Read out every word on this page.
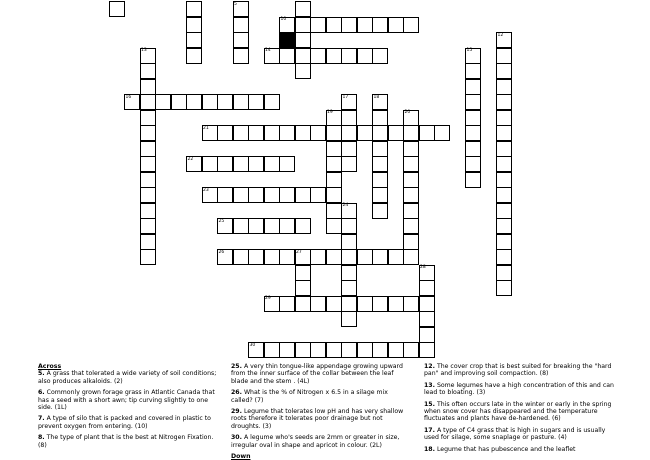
5
10
11	12
13	14	15
16	17	18
19	20
21
22
23
24
25
26	27
28
29
30
Across

5. A grass that tolerated a wide variety of soil conditions; also produces alkaloids. (2)

6. Commonly grown forage grass in Atlantic Canada that has a seed with a short awn; tip curving slightly to one side. (1L)

7. A type of silo that is packed and covered in plastic to prevent oxygen from entering. (10)

8. The type of plant that is the best at Nitrogen Fixation.(8)

25. A very thin tongue-like appendage growing upward from the inner surface of the collar between the leaf blade and the stem . (4L)

26. What is the % of Nitrogen x 6.5 in a silage mix called? (7)

29. Legume that tolerates low pH and has very shallow roots therefore it tolerates poor drainage but not droughts. (3)

30. A legume who's seeds are 2mm or greater in size, irregular oval in shape and apricot in colour. (2L)

Down

12. The cover crop that is best suited for breaking the "hard pan" and improving soil compaction. (8)

13. Some legumes have a high concentration of this and can lead to bloating. (3)

15. This often occurs late in the winter or early in the spring when snow cover has disappeared and the temperature fluctuates and plants have de-hardened. (6)

17. A type of C4 grass that is high in sugars and is usually used for silage, some snaplage or pasture. (4)

18. Legume that has pubescence and the leaflet
